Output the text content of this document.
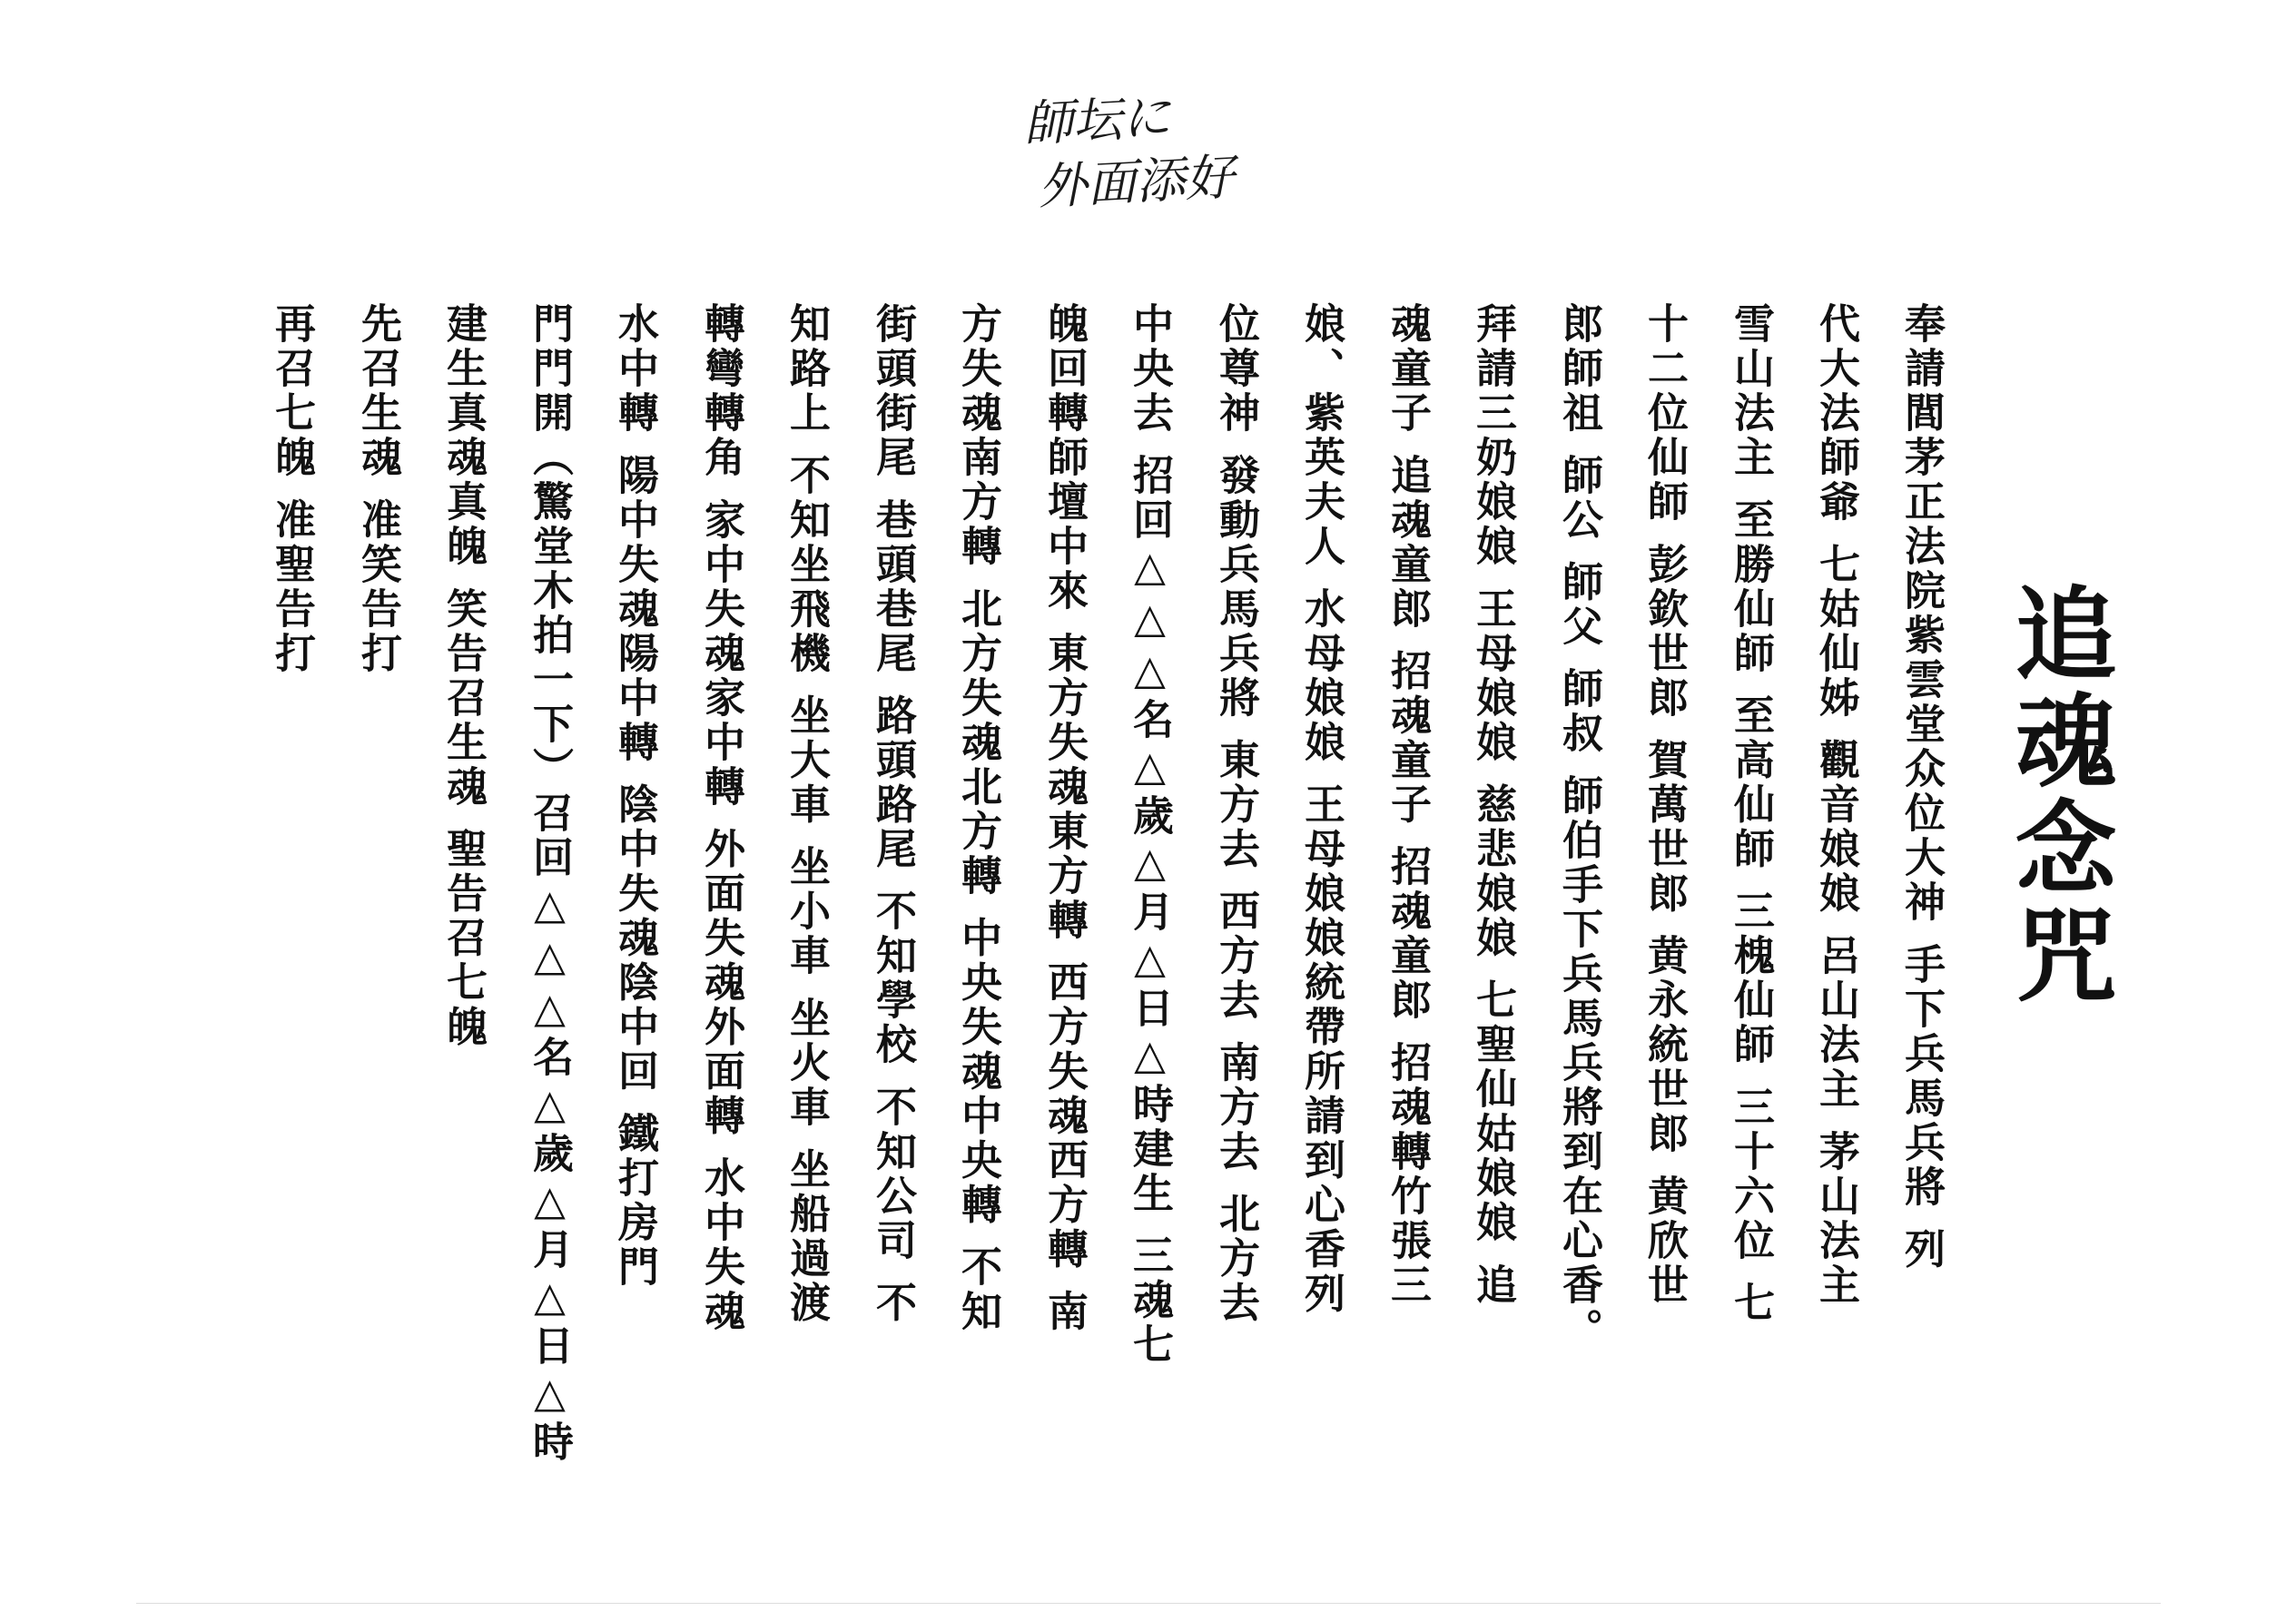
師坛に
外面添好
追魂念咒
奉請閭茅正法院紫雲堂众位大神 手下兵馬兵將 列
代大法師爺 七姑仙姊 觀音娘娘 呂山法主 茅山法主
雪山法主 至勝仙師 至高仙師 三槐仙師 三十六位 七
十二位仙師 彭欽世郎 賀萬世郎 黄永統世郎 黄欣世
郎師祖 師公 師父 師叔 師伯手下兵馬兵將到在心香。
拜請三奶娘娘 王母娘娘 慈悲娘娘 七聖仙姑娘娘 追
魂童子 追魂童郎 招魂童子 招魂童郎 招魂轉竹張三
娘、紫英夫人 水母娘娘 王母娘娘統帶所請到心香列
位尊神 發動兵馬兵將 東方去 西方去 南方去 北方去
中央去 招回△△△名△歲△月△日△時建生 三魂七
魄回轉師壇中來 東方失魂東方轉 西方失魂西方轉 南
方失魂南方轉 北方失魂北方轉 中央失魂中央轉 不知
街頭街尾 巷頭巷尾 路頭路尾 不知學校 不知公司 不
知路上 不知坐飛機 坐大車 坐小車 坐火車 坐船過渡
轉彎轉角 家中失魂家中轉 外面失魂外面轉 水中失魂
水中轉 陽中失魂陽中轉 陰中失魂陰中回 鐵打房門
門門開（驚堂木拍一下）召回△△△名△歲△月△日△時
建生真魂真魄 笑告召生魂 聖告召七魄
先召生魂 准笑告打
再召七魄 准聖告打
